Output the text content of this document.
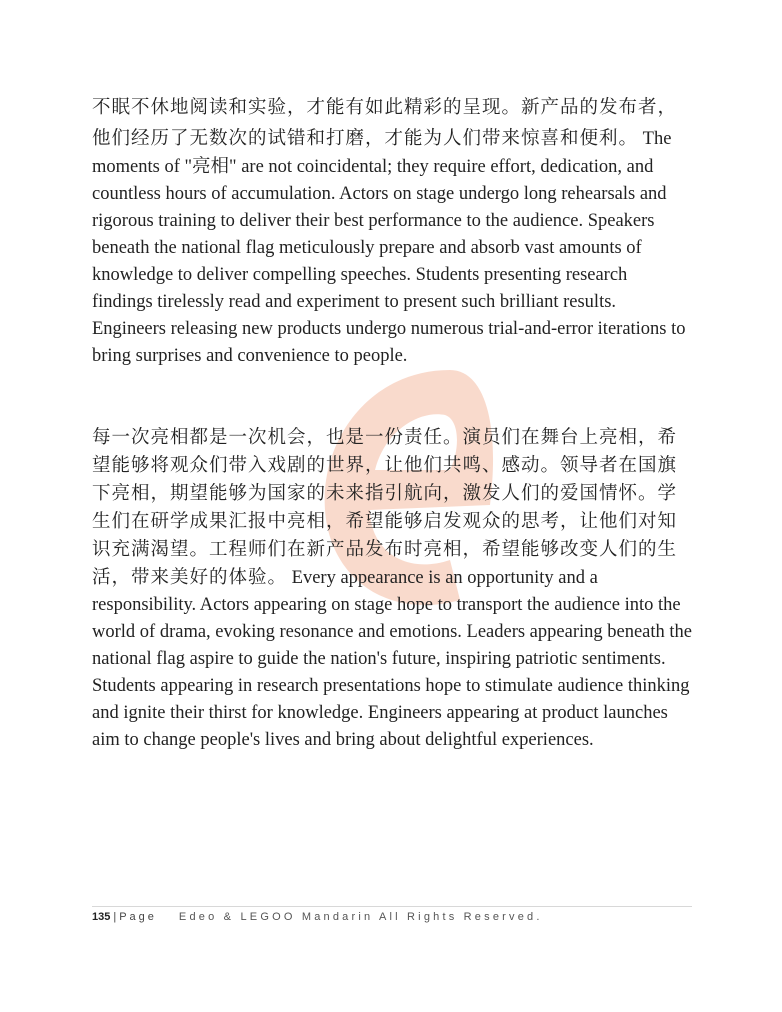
不眠不休地阅读和实验，才能有如此精彩的呈现。新产品的发布者，他们经历了无数次的试错和打磨，才能为人们带来惊喜和便利。 The moments of "亮相" are not coincidental; they require effort, dedication, and countless hours of accumulation. Actors on stage undergo long rehearsals and rigorous training to deliver their best performance to the audience. Speakers beneath the national flag meticulously prepare and absorb vast amounts of knowledge to deliver compelling speeches. Students presenting research findings tirelessly read and experiment to present such brilliant results. Engineers releasing new products undergo numerous trial-and-error iterations to bring surprises and convenience to people.

每一次亮相都是一次机会，也是一份责任。演员们在舞台上亮相，希望能够将观众们带入戏剧的世界，让他们共鸣、感动。领导者在国旗下亮相，期望能够为国家的未来指引航向，激发人们的爱国情怀。学生们在研学成果汇报中亮相，希望能够启发观众的思考，让他们对知识充满渴望。工程师们在新产品发布时亮相，希望能够改变人们的生活，带来美好的体验。 Every appearance is an opportunity and a responsibility. Actors appearing on stage hope to transport the audience into the world of drama, evoking resonance and emotions. Leaders appearing beneath the national flag aspire to guide the nation's future, inspiring patriotic sentiments. Students appearing in research presentations hope to stimulate audience thinking and ignite their thirst for knowledge. Engineers appearing at product launches aim to change people's lives and bring about delightful experiences.

135 | Page Edeo & LEGOO Mandarin All Rights Reserved.
